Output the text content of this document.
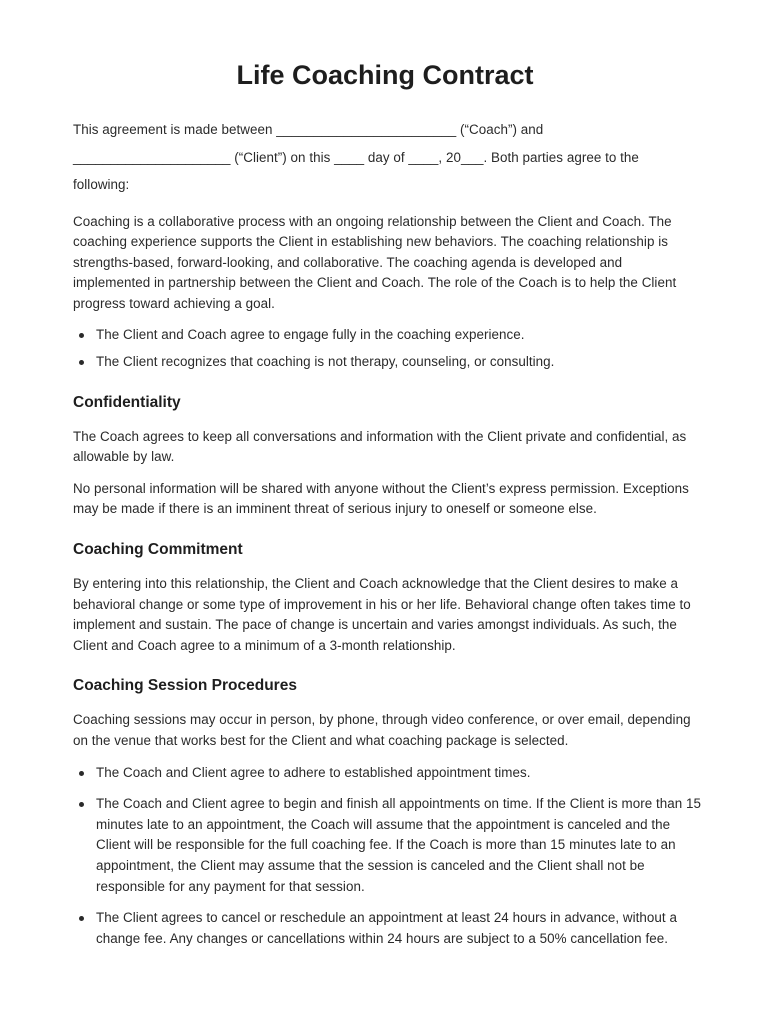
Life Coaching Contract

This agreement is made between ________________________ (“Coach”) and

_____________________ (“Client”) on this ____ day of ____, 20___. Both parties agree to the

following:

Coaching is a collaborative process with an ongoing relationship between the Client and Coach. The coaching experience supports the Client in establishing new behaviors. The coaching relationship is strengths-based, forward-looking, and collaborative. The coaching agenda is developed and implemented in partnership between the Client and Coach. The role of the Coach is to help the Client progress toward achieving a goal.

The Client and Coach agree to engage fully in the coaching experience.
The Client recognizes that coaching is not therapy, counseling, or consulting.
Confidentiality

The Coach agrees to keep all conversations and information with the Client private and confidential, as allowable by law.

No personal information will be shared with anyone without the Client’s express permission. Exceptions may be made if there is an imminent threat of serious injury to oneself or someone else.

Coaching Commitment

By entering into this relationship, the Client and Coach acknowledge that the Client desires to make a behavioral change or some type of improvement in his or her life. Behavioral change often takes time to implement and sustain. The pace of change is uncertain and varies amongst individuals. As such, the Client and Coach agree to a minimum of a 3-month relationship.

Coaching Session Procedures

Coaching sessions may occur in person, by phone, through video conference, or over email, depending on the venue that works best for the Client and what coaching package is selected.

The Coach and Client agree to adhere to established appointment times.
The Coach and Client agree to begin and finish all appointments on time. If the Client is more than 15 minutes late to an appointment, the Coach will assume that the appointment is canceled and the Client will be responsible for the full coaching fee. If the Coach is more than 15 minutes late to an appointment, the Client may assume that the session is canceled and the Client shall not be responsible for any payment for that session.
The Client agrees to cancel or reschedule an appointment at least 24 hours in advance, without a change fee. Any changes or cancellations within 24 hours are subject to a 50% cancellation fee.
